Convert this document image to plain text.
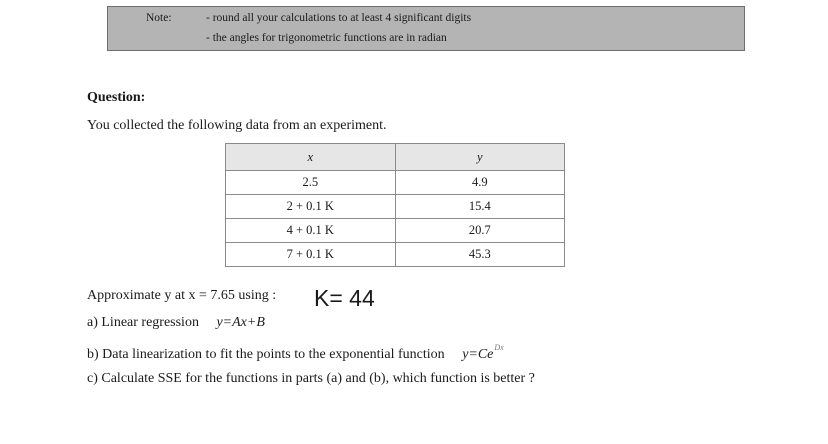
Note:	- round all your calculations to at least 4 significant digits
- the angles for trigonometric functions are in radian
Question:
You collected the following data from an experiment.
x	y
2.5	4.9
2 + 0.1 K	15.4
4 + 0.1 K	20.7
7 + 0.1 K	45.3
Approximate y at x = 7.65 using : K= 44
a) Linear regression y=Ax+B
b) Data linearization to fit the points to the exponential function $y=Ce^{Dx}$
c) Calculate SSE for the functions in parts (a) and (b), which function is better ?
